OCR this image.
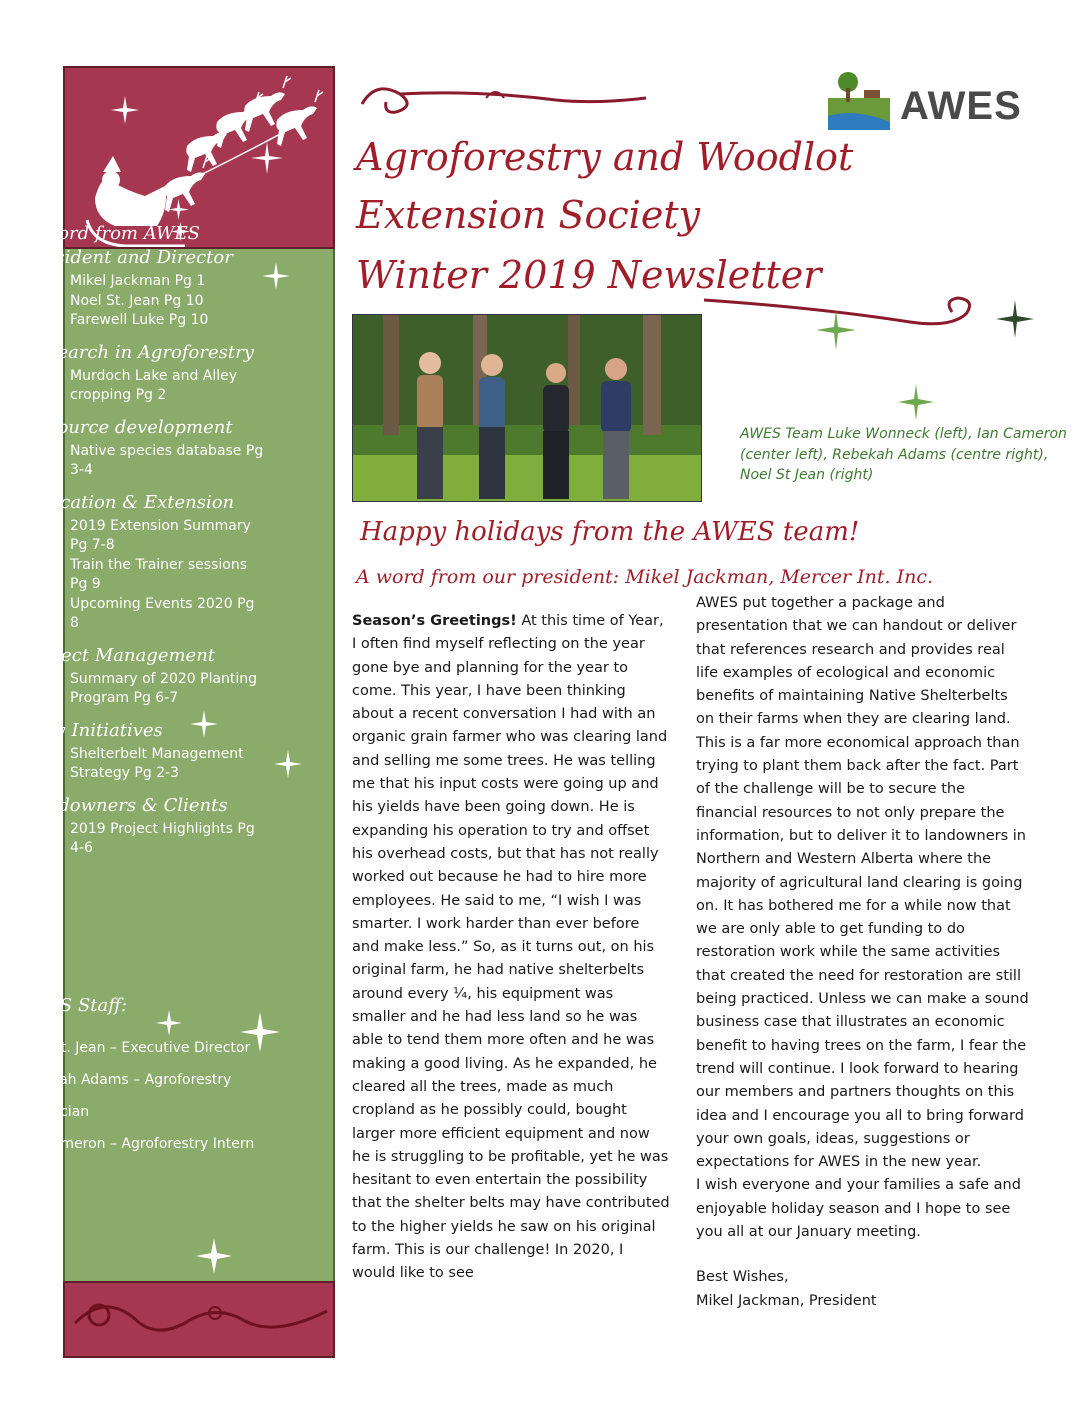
A word from AWES President and Director
• Mikel Jackman Pg 1
• Noel St. Jean Pg 10
• Farewell Luke Pg 10
Research in Agroforestry
• Murdoch Lake and Alley cropping Pg 2
Resource development
• Native species database Pg 3-4
Education & Extension
• 2019 Extension Summary Pg 7-8
• Train the Trainer sessions Pg 9
• Upcoming Events 2020 Pg 8
Project Management
• Summary of 2020 Planting Program Pg 6-7
New Initiatives
• Shelterbelt Management Strategy Pg 2-3
Landowners & Clients
• 2019 Project Highlights Pg 4-6
AWES Staff:
Noel St. Jean – Executive Director
Rebekah Adams – Agroforestry
Technician
Ian Cameron – Agroforestry Intern
Agroforestry and Woodlot
Extension Society
Winter 2019 Newsletter
AWES
AWES Team Luke Wonneck (left), Ian Cameron (center left), Rebekah Adams (centre right), Noel St Jean (right)
Happy holidays from the AWES team!
A word from our president: Mikel Jackman, Mercer Int. Inc.
Season’s Greetings! At this time of Year, I often find myself reflecting on the year gone bye and planning for the year to come. This year, I have been thinking about a recent conversation I had with an organic grain farmer who was clearing land and selling me some trees. He was telling me that his input costs were going up and his yields have been going down. He is expanding his operation to try and offset his overhead costs, but that has not really worked out because he had to hire more employees. He said to me, “I wish I was smarter. I work harder than ever before and make less.” So, as it turns out, on his original farm, he had native shelterbelts around every ¼, his equipment was smaller and he had less land so he was able to tend them more often and he was making a good living. As he expanded, he cleared all the trees, made as much cropland as he possibly could, bought larger more efficient equipment and now he is struggling to be profitable, yet he was hesitant to even entertain the possibility that the shelter belts may have contributed to the higher yields he saw on his original farm. This is our challenge! In 2020, I would like to see
AWES put together a package and presentation that we can handout or deliver that references research and provides real life examples of ecological and economic benefits of maintaining Native Shelterbelts on their farms when they are clearing land. This is a far more economical approach than trying to plant them back after the fact. Part of the challenge will be to secure the financial resources to not only prepare the information, but to deliver it to landowners in Northern and Western Alberta where the majority of agricultural land clearing is going on. It has bothered me for a while now that we are only able to get funding to do restoration work while the same activities that created the need for restoration are still being practiced. Unless we can make a sound business case that illustrates an economic benefit to having trees on the farm, I fear the trend will continue. I look forward to hearing our members and partners thoughts on this idea and I encourage you all to bring forward your own goals, ideas, suggestions or expectations for AWES in the new year.
I wish everyone and your families a safe and enjoyable holiday season and I hope to see you all at our January meeting.
Best Wishes,
Mikel Jackman, President
